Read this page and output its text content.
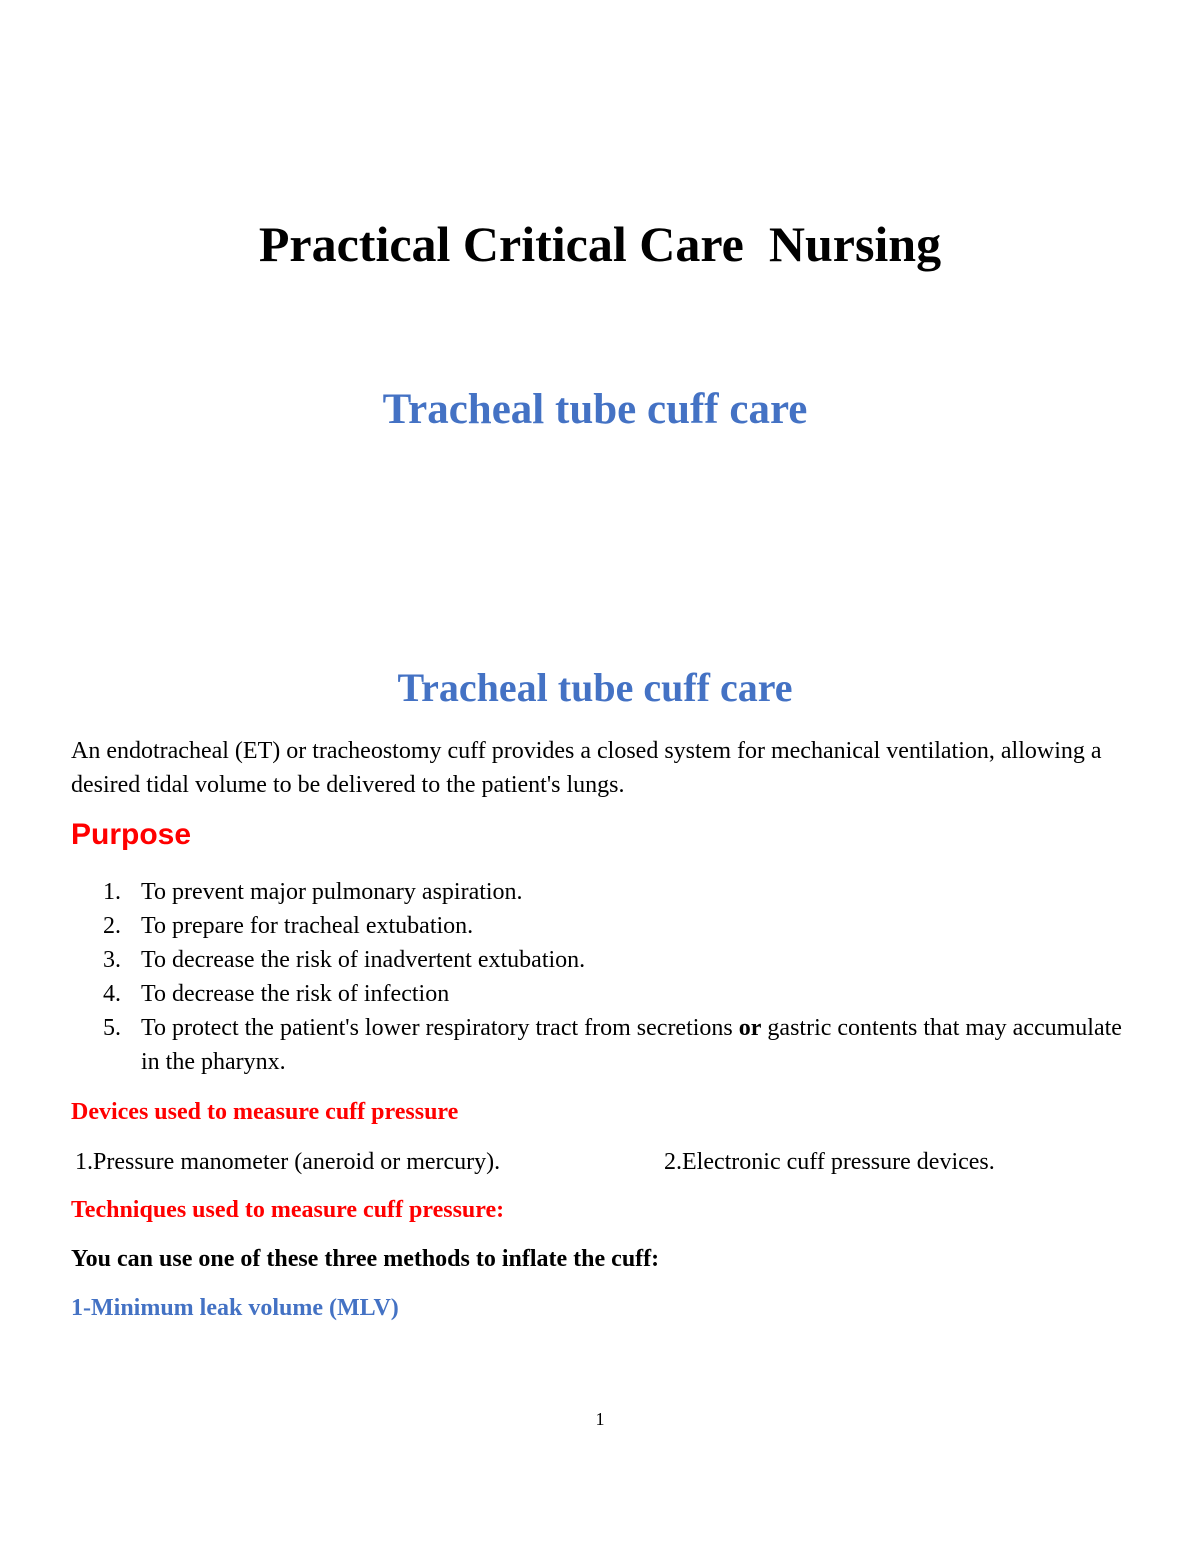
Practical Critical Care  Nursing
Tracheal tube cuff care
Tracheal tube cuff care
An endotracheal (ET) or tracheostomy cuff provides a closed system for mechanical ventilation, allowing a desired tidal volume to be delivered to the patient's lungs.
Purpose
1. To prevent major pulmonary aspiration.
2. To prepare for tracheal extubation.
3. To decrease the risk of inadvertent extubation.
4. To decrease the risk of infection
5. To protect the patient's lower respiratory tract from secretions or gastric contents that may accumulate in the pharynx.
Devices used to measure cuff pressure
1.Pressure manometer (aneroid or mercury).	2.Electronic cuff pressure devices.
Techniques used to measure cuff pressure:
You can use one of these three methods to inflate the cuff:
1-Minimum leak volume (MLV)
1
